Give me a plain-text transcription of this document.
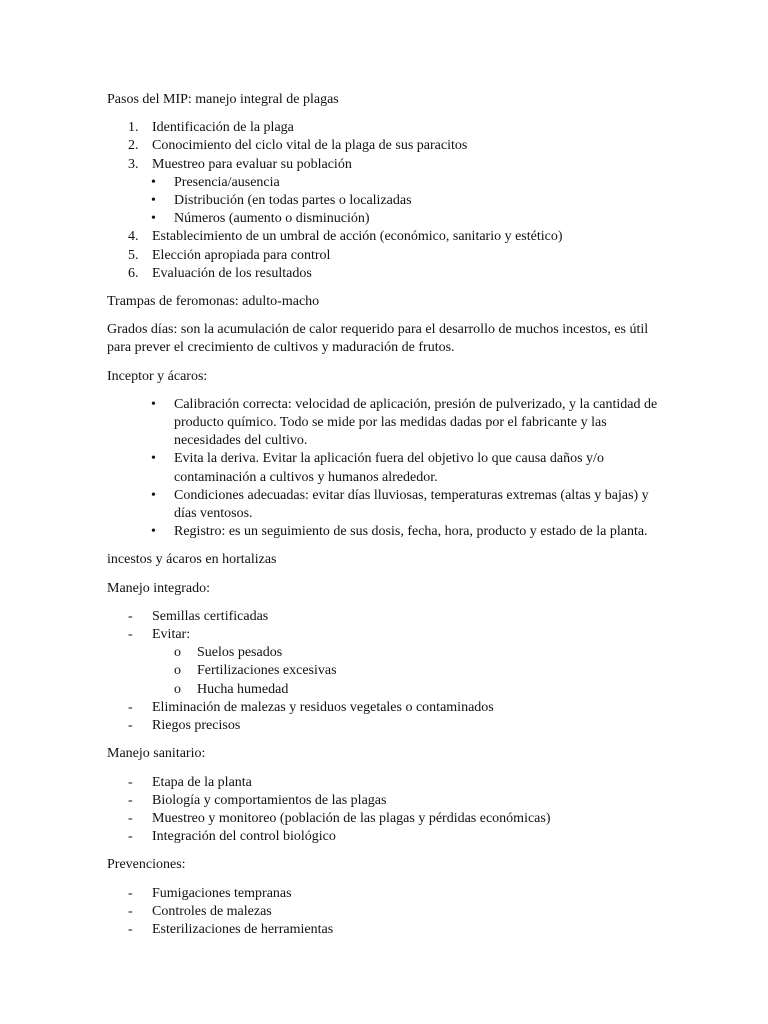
Pasos del MIP: manejo integral de plagas

1. Identificación de la plaga

2. Conocimiento del ciclo vital de la plaga de sus paracitos

3. Muestreo para evaluar su población

• Presencia/ausencia

• Distribución (en todas partes o localizadas

• Números (aumento o disminución)

4. Establecimiento de un umbral de acción (económico, sanitario y estético)

5. Elección apropiada para control

6. Evaluación de los resultados

Trampas de feromonas: adulto-macho

Grados días: son la acumulación de calor requerido para el desarrollo de muchos incestos, es útil
para prever el crecimiento de cultivos y maduración de frutos.

Inceptor y ácaros:

• Calibración correcta: velocidad de aplicación, presión de pulverizado, y la cantidad de
producto químico. Todo se mide por las medidas dadas por el fabricante y las
necesidades del cultivo.
• Evita la deriva. Evitar la aplicación fuera del objetivo lo que causa daños y/o
contaminación a cultivos y humanos alrededor.
• Condiciones adecuadas: evitar días lluviosas, temperaturas extremas (altas y bajas) y
días ventosos.
• Registro: es un seguimiento de sus dosis, fecha, hora, producto y estado de la planta.

incestos y ácaros en hortalizas

Manejo integrado:

- Semillas certificadas

- Evitar:

o Suelos pesados

o Fertilizaciones excesivas

o Hucha humedad

- Eliminación de malezas y residuos vegetales o contaminados

- Riegos precisos

Manejo sanitario:

- Etapa de la planta

- Biología y comportamientos de las plagas

- Muestreo y monitoreo (población de las plagas y pérdidas económicas)

- Integración del control biológico

Prevenciones:

- Fumigaciones tempranas

- Controles de malezas

- Esterilizaciones de herramientas
